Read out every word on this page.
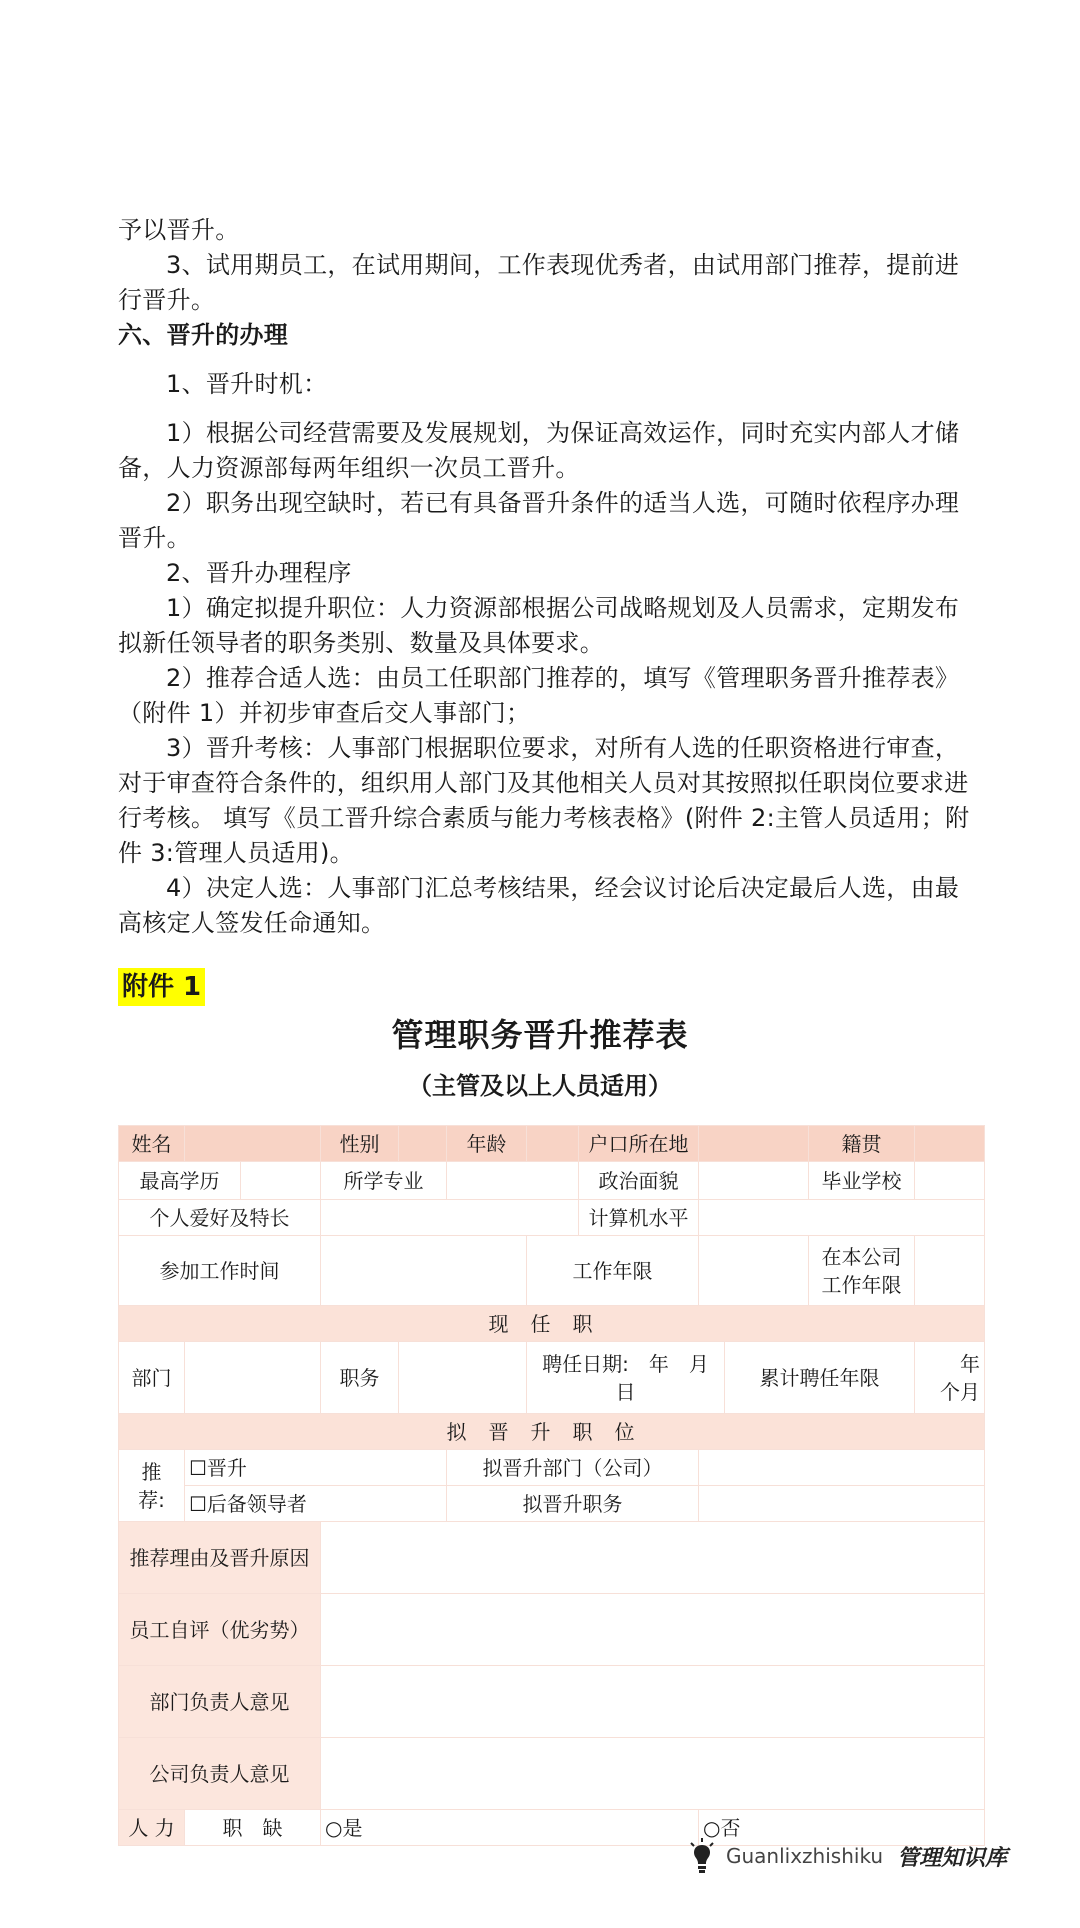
予以晋升。

3、试用期员工，在试用期间，工作表现优秀者，由试用部门推荐，提前进行晋升。

六、晋升的办理

1、晋升时机：

1）根据公司经营需要及发展规划，为保证高效运作，同时充实内部人才储备，人力资源部每两年组织一次员工晋升。

2）职务出现空缺时，若已有具备晋升条件的适当人选，可随时依程序办理晋升。

2、晋升办理程序

1）确定拟提升职位：人力资源部根据公司战略规划及人员需求，定期发布拟新任领导者的职务类别、数量及具体要求。

2）推荐合适人选：由员工任职部门推荐的，填写《管理职务晋升推荐表》（附件 1）并初步审查后交人事部门；

3）晋升考核：人事部门根据职位要求，对所有人选的任职资格进行审查，对于审查符合条件的，组织用人部门及其他相关人员对其按照拟任职岗位要求进行考核。 填写《员工晋升综合素质与能力考核表格》(附件 2:主管人员适用；附件 3:管理人员适用)。

4）决定人选：人事部门汇总考核结果，经会议讨论后决定最后人选，由最高核定人签发任命通知。

附件 1
管理职务晋升推荐表
（主管及以上人员适用）
姓名			性别		年龄		户口所在地			籍贯	
最高学历			所学专业				政治面貌			毕业学校	
个人爱好及特长							计算机水平				
参加工作时间						工作年限				在本公司
工作年限	

现任职											
部门			职务			聘任日期:　年　月　日			累计聘任年限		年
个月

拟晋升职位											

推
荐:	☐晋升				拟晋升部门（公司）						
	☐后备领导者				拟晋升职务						
推荐理由及晋升原因											
员工自评（优劣势）											
部门负责人意见											
公司负责人意见											
人 力	职　缺		○是					○否			
Guanlixzhishiku 管理知识库
